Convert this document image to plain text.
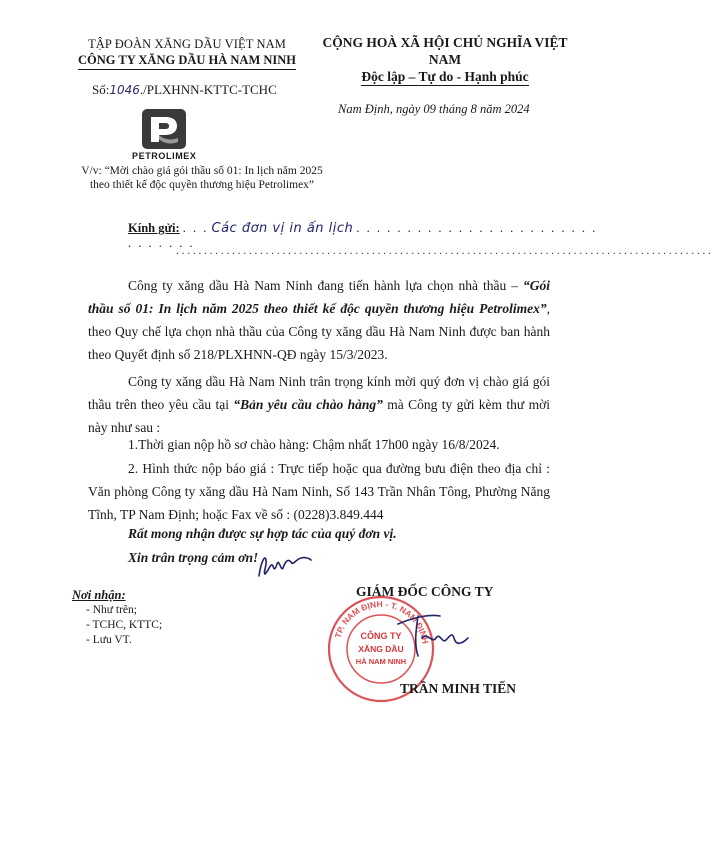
TẬP ĐOÀN XĂNG DẦU VIỆT NAM
CÔNG TY XĂNG DẦU HÀ NAM NINH
CỘNG HOÀ XÃ HỘI CHỦ NGHĨA VIỆT NAM
Độc lập – Tự do - Hạnh phúc
Số:1046./PLXHNN-KTTC-TCHC
Nam Định, ngày 09 tháng 8 năm 2024
PETROLIMEX
V/v: “Mời chào giá gói thầu số 01: In lịch năm 2025
theo thiết kế độc quyền thương hiệu Petrolimex”
Kính gửi: . . . Các đơn vị in ấn lịch . . . . . . . . . . . . . . . . . . . . . . . . . . . . . . .
................................................................................................
Công ty xăng dầu Hà Nam Ninh đang tiến hành lựa chọn nhà thầu – “Gói thầu số 01: In lịch năm 2025 theo thiết kế độc quyền thương hiệu Petrolimex”, theo Quy chế lựa chọn nhà thầu của Công ty xăng dầu Hà Nam Ninh được ban hành theo Quyết định số 218/PLXHNN-QĐ ngày 15/3/2023.
Công ty xăng dầu Hà Nam Ninh trân trọng kính mời quý đơn vị chào giá gói thầu trên theo yêu cầu tại “Bản yêu cầu chào hàng” mà Công ty gửi kèm thư mời này như sau :
1.Thời gian nộp hồ sơ chào hàng: Chậm nhất 17h00 ngày 16/8/2024.
2. Hình thức nộp báo giá : Trực tiếp hoặc qua đường bưu điện theo địa chỉ : Văn phòng Công ty xăng dầu Hà Nam Ninh, Số 143 Trần Nhân Tông, Phường Năng Tĩnh, TP Nam Định; hoặc Fax về số : (0228)3.849.444
Rất mong nhận được sự hợp tác của quý đơn vị.
Xin trân trọng cảm ơn!
Nơi nhận:
- Như trên;
- TCHC, KTTC;
- Lưu VT.
GIÁM ĐỐC CÔNG TY
TP. NAM ĐỊNH - T. NAM ĐỊNH
CÔNG TY
XĂNG DẦU
HÀ NAM NINH
TRẦN MINH TIẾN
